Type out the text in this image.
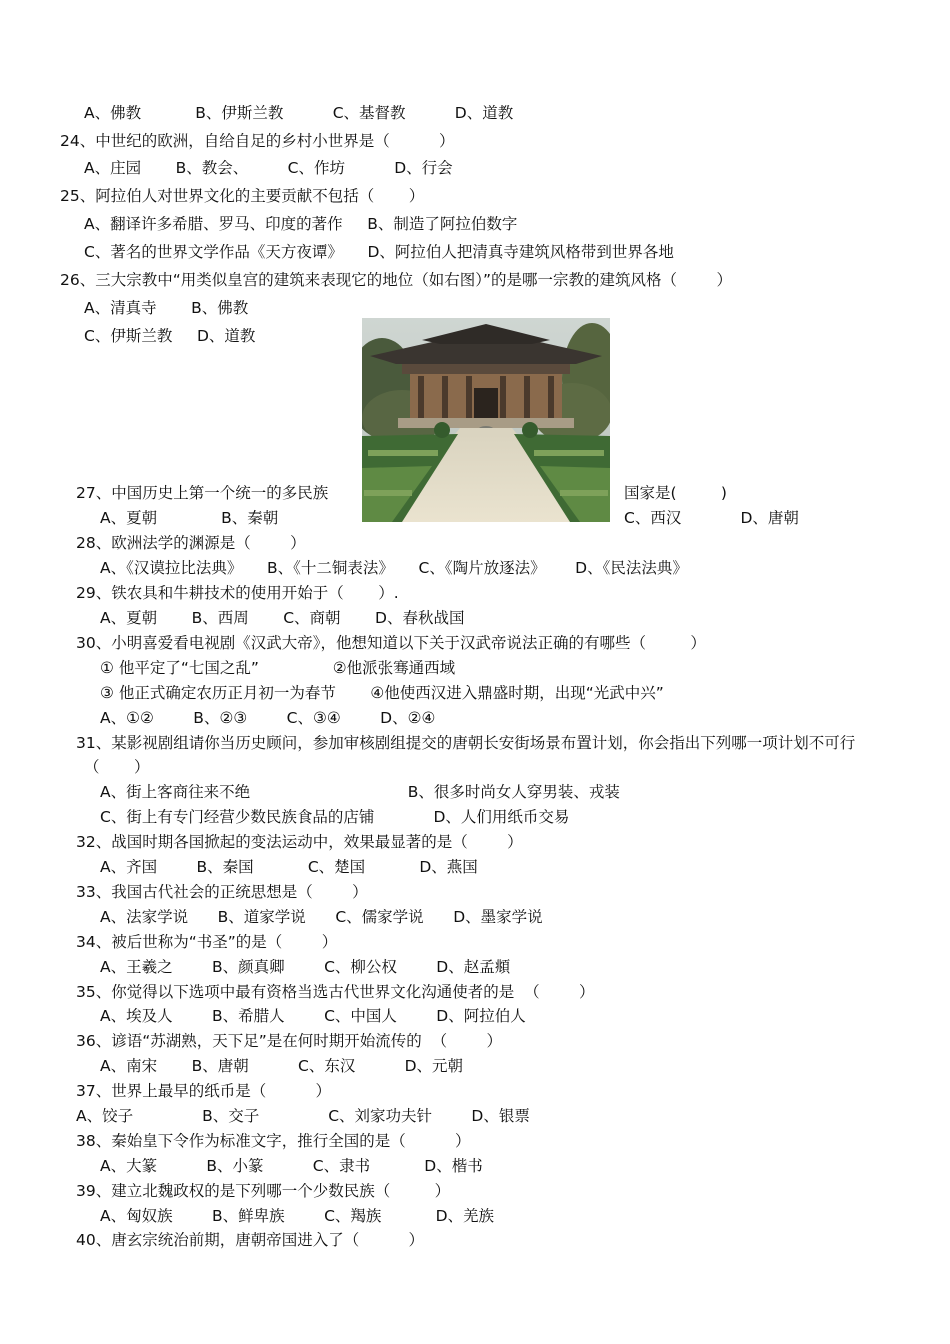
A、佛教           B、伊斯兰教          C、基督教          D、道教
24、中世纪的欧洲，自给自足的乡村小世界是（          ）
A、庄园       B、教会、        C、作坊          D、行会
25、阿拉伯人对世界文化的主要贡献不包括（       ）
A、翻译许多希腊、罗马、印度的著作     B、制造了阿拉伯数字
C、著名的世界文学作品《天方夜谭》     D、阿拉伯人把清真寺建筑风格带到世界各地
26、三大宗教中“用类似皇宫的建筑来表现它的地位（如右图）”的是哪一宗教的建筑风格（        ）
A、清真寺       B、佛教
C、伊斯兰教     D、道教
27、中国历史上第一个统一的多民族	国家是(         )
A、夏朝             B、秦朝	C、西汉            D、唐朝
28、欧洲法学的渊源是（        ）
A、《汉谟拉比法典》     B、《十二铜表法》     C、《陶片放逐法》      D、《民法法典》
29、铁农具和牛耕技术的使用开始于（       ）.
A、夏朝       B、西周       C、商朝       D、春秋战国
30、小明喜爱看电视剧《汉武大帝》，他想知道以下关于汉武帝说法正确的有哪些（         ）
① 他平定了“七国之乱”               ②他派张骞通西域
③ 他正式确定农历正月初一为春节       ④他使西汉进入鼎盛时期，出现“光武中兴”
A、①②        B、②③        C、③④        D、②④
31、某影视剧组请你当历史顾问，参加审核剧组提交的唐朝长安街场景布置计划，你会指出下列哪一项计划不可行
（       ）
A、街上客商往来不绝                                B、很多时尚女人穿男装、戎装
C、街上有专门经营少数民族食品的店铺            D、人们用纸币交易
32、战国时期各国掀起的变法运动中，效果最显著的是（        ）
A、齐国        B、秦国           C、楚国           D、燕国
33、我国古代社会的正统思想是（        ）
A、法家学说      B、道家学说      C、儒家学说      D、墨家学说
34、被后世称为“书圣”的是（        ）
A、王羲之        B、颜真卿        C、柳公权        D、赵孟頫
35、你觉得以下选项中最有资格当选古代世界文化沟通使者的是  （        ）
A、埃及人        B、希腊人        C、中国人        D、阿拉伯人
36、谚语“苏湖熟，天下足”是在何时期开始流传的  （        ）
A、南宋       B、唐朝          C、东汉          D、元朝
37、世界上最早的纸币是（          ）
A、饺子              B、交子              C、刘家功夫针        D、银票
38、秦始皇下令作为标准文字，推行全国的是（          ）
A、大篆          B、小篆          C、隶书           D、楷书
39、建立北魏政权的是下列哪一个少数民族（         ）
A、匈奴族        B、鲜卑族        C、羯族           D、羌族
40、唐玄宗统治前期，唐朝帝国进入了（          ）
